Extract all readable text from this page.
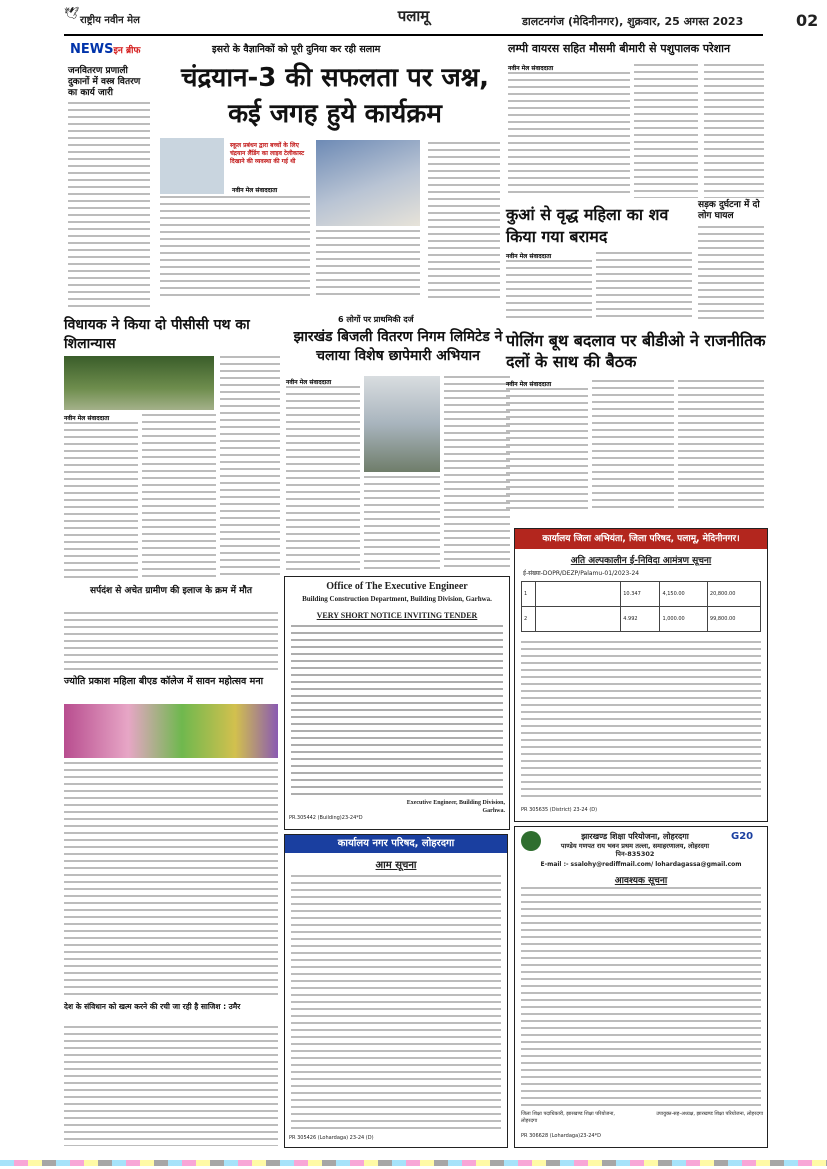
🕊
राष्ट्रीय नवीन मेल	पलामू	डालटनगंज (मेदिनीनगर), शुक्रवार, 25 अगस्त 2023	02
NEWSइन ब्रीफ
जनवितरण प्रणाली दुकानों में वस्त्र वितरण का कार्य जारी
इसरो के वैज्ञानिकों को पूरी दुनिया कर रही सलाम
चंद्रयान-3 की सफलता पर जश्न, कई जगह हुये कार्यक्रम
स्कूल प्रबंधन द्वारा बच्चों के लिए चंद्रयान लैंडिंग का लाइव टेलीकास्ट दिखाने की व्यवस्था की गई थी
नवीन मेल संवाददाता
लम्पी वायरस सहित मौसमी बीमारी से पशुपालक परेशान
नवीन मेल संवाददाता
कुआं से वृद्ध महिला का शव किया गया बरामद
नवीन मेल संवाददाता
सड़क दुर्घटना में दो लोग घायल
विधायक ने किया दो पीसीसी पथ का शिलान्यास
नवीन मेल संवाददाता
6 लोगों पर प्राथमिकी दर्ज
झारखंड बिजली वितरण निगम लिमिटेड ने चलाया विशेष छापेमारी अभियान
नवीन मेल संवाददाता
पोलिंग बूथ बदलाव पर बीडीओ ने राजनीतिक दलों के साथ की बैठक
नवीन मेल संवाददाता
सर्पदंश से अचेत ग्रामीण की इलाज के क्रम में मौत
ज्योति प्रकाश महिला बीएड कॉलेज में सावन महोत्सव मना
देश के संविधान को खत्म करने की रची जा रही है साजिश : उमैर
Office of The Executive Engineer
Building Construction Department, Building Division, Garhwa.
VERY SHORT NOTICE INVITING TENDER
Executive Engineer, Building Division, Garhwa.
PR.305442 (Building)23-24*D
कार्यालय जिला अभियंता, जिला परिषद, पलामू, मेदिनीनगर।
अति अल्पकालीन ई-निविदा आमंत्रण सूचना
ई-संख्या-DOPR/DEZP/Palamu-01/2023-24
1		10.347	4,150.00	20,800.00
2		4.992	1,000.00	99,800.00
PR 305635 (District) 23-24 (D)
कार्यालय नगर परिषद, लोहरदगा
आम सूचना
PR 305426 (Lohardaga) 23-24 (D)
झारखण्ड शिक्षा परियोजना, लोहरदगा
पाण्डेय गणपत राय भवन प्रथम तल्ला, समाहरणालय, लोहरदगा पिन-835302
G20
E-mail :- ssalohy@rediffmail.com/ lohardagassa@gmail.com
आवश्यक सूचना
जिला शिक्षा पदाधिकारी, झारखण्ड शिक्षा परियोजना, लोहरदगा
उपायुक्त-सह-अध्यक्ष, झारखण्ड शिक्षा परियोजना, लोहरदगा
PR 306628 (Lohardaga)23-24*D
